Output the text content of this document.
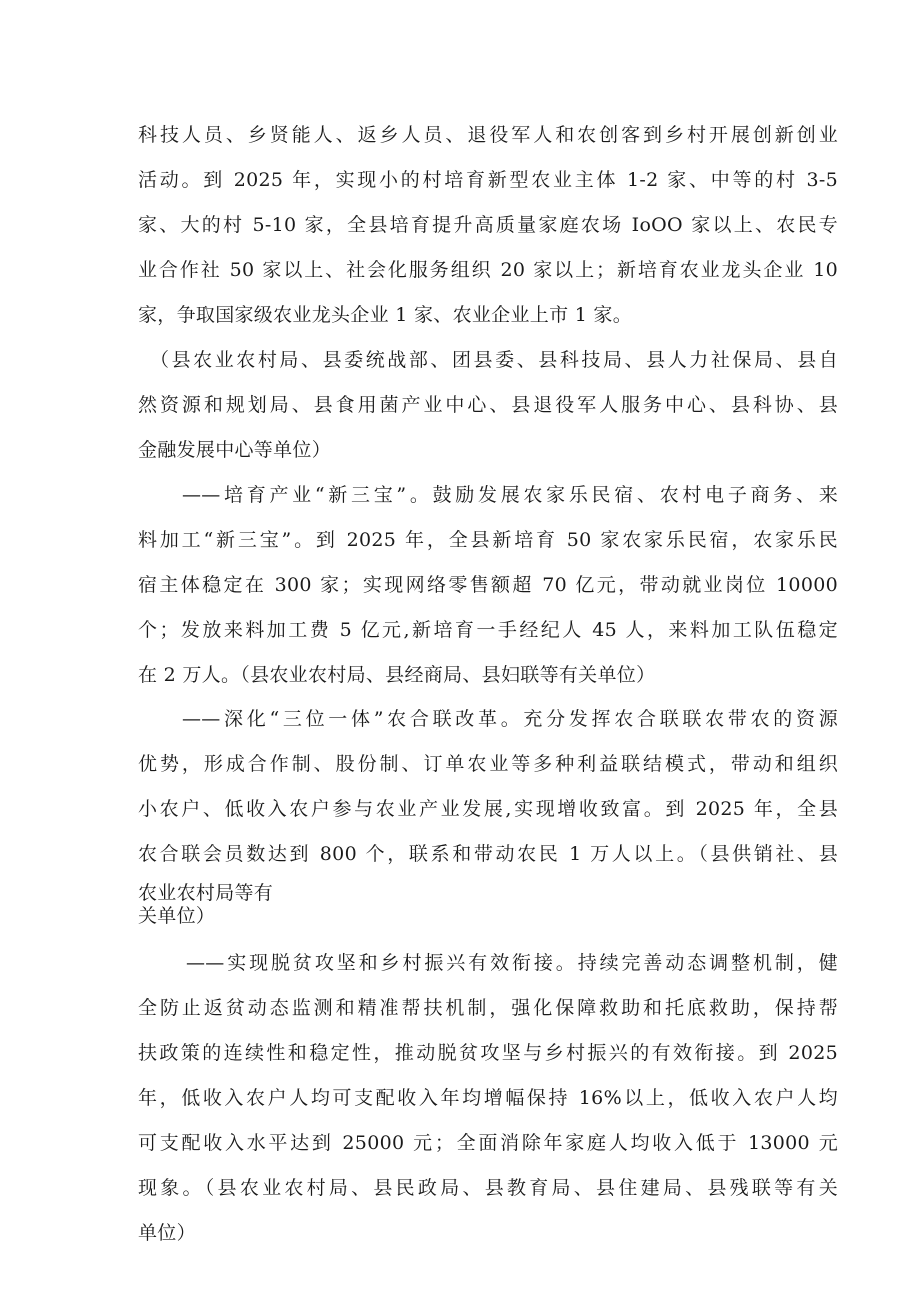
科技人员、乡贤能人、返乡人员、退役军人和农创客到乡村开展创新创业
活动。到 2025 年，实现小的村培育新型农业主体 1-2 家、中等的村 3-5
家、大的村 5-10 家，全县培育提升高质量家庭农场 IoOO 家以上、农民专
业合作社 50 家以上、社会化服务组织 20 家以上；新培育农业龙头企业 10
家，争取国家级农业龙头企业 1 家、农业企业上市 1 家。
（县农业农村局、县委统战部、团县委、县科技局、县人力社保局、县自
然资源和规划局、县食用菌产业中心、县退役军人服务中心、县科协、县
金融发展中心等单位）
——培育产业“新三宝”。鼓励发展农家乐民宿、农村电子商务、来
料加工“新三宝”。到 2025 年，全县新培育 50 家农家乐民宿，农家乐民
宿主体稳定在 300 家；实现网络零售额超 70 亿元，带动就业岗位 10000
个；发放来料加工费 5 亿元,新培育一手经纪人 45 人，来料加工队伍稳定
在 2 万人。（县农业农村局、县经商局、县妇联等有关单位）
——深化“三位一体”农合联改革。充分发挥农合联联农带农的资源
优势，形成合作制、股份制、订单农业等多种利益联结模式，带动和组织
小农户、低收入农户参与农业产业发展,实现增收致富。到 2025 年，全县
农合联会员数达到 800 个，联系和带动农民 1 万人以上。（县供销社、县
农业农村局等有
关单位）
——实现脱贫攻坚和乡村振兴有效衔接。持续完善动态调整机制，健
全防止返贫动态监测和精准帮扶机制，强化保障救助和托底救助，保持帮
扶政策的连续性和稳定性，推动脱贫攻坚与乡村振兴的有效衔接。到 2025
年，低收入农户人均可支配收入年均增幅保持 16%以上，低收入农户人均
可支配收入水平达到 25000 元；全面消除年家庭人均收入低于 13000 元
现象。（县农业农村局、县民政局、县教育局、县住建局、县残联等有关
单位）
